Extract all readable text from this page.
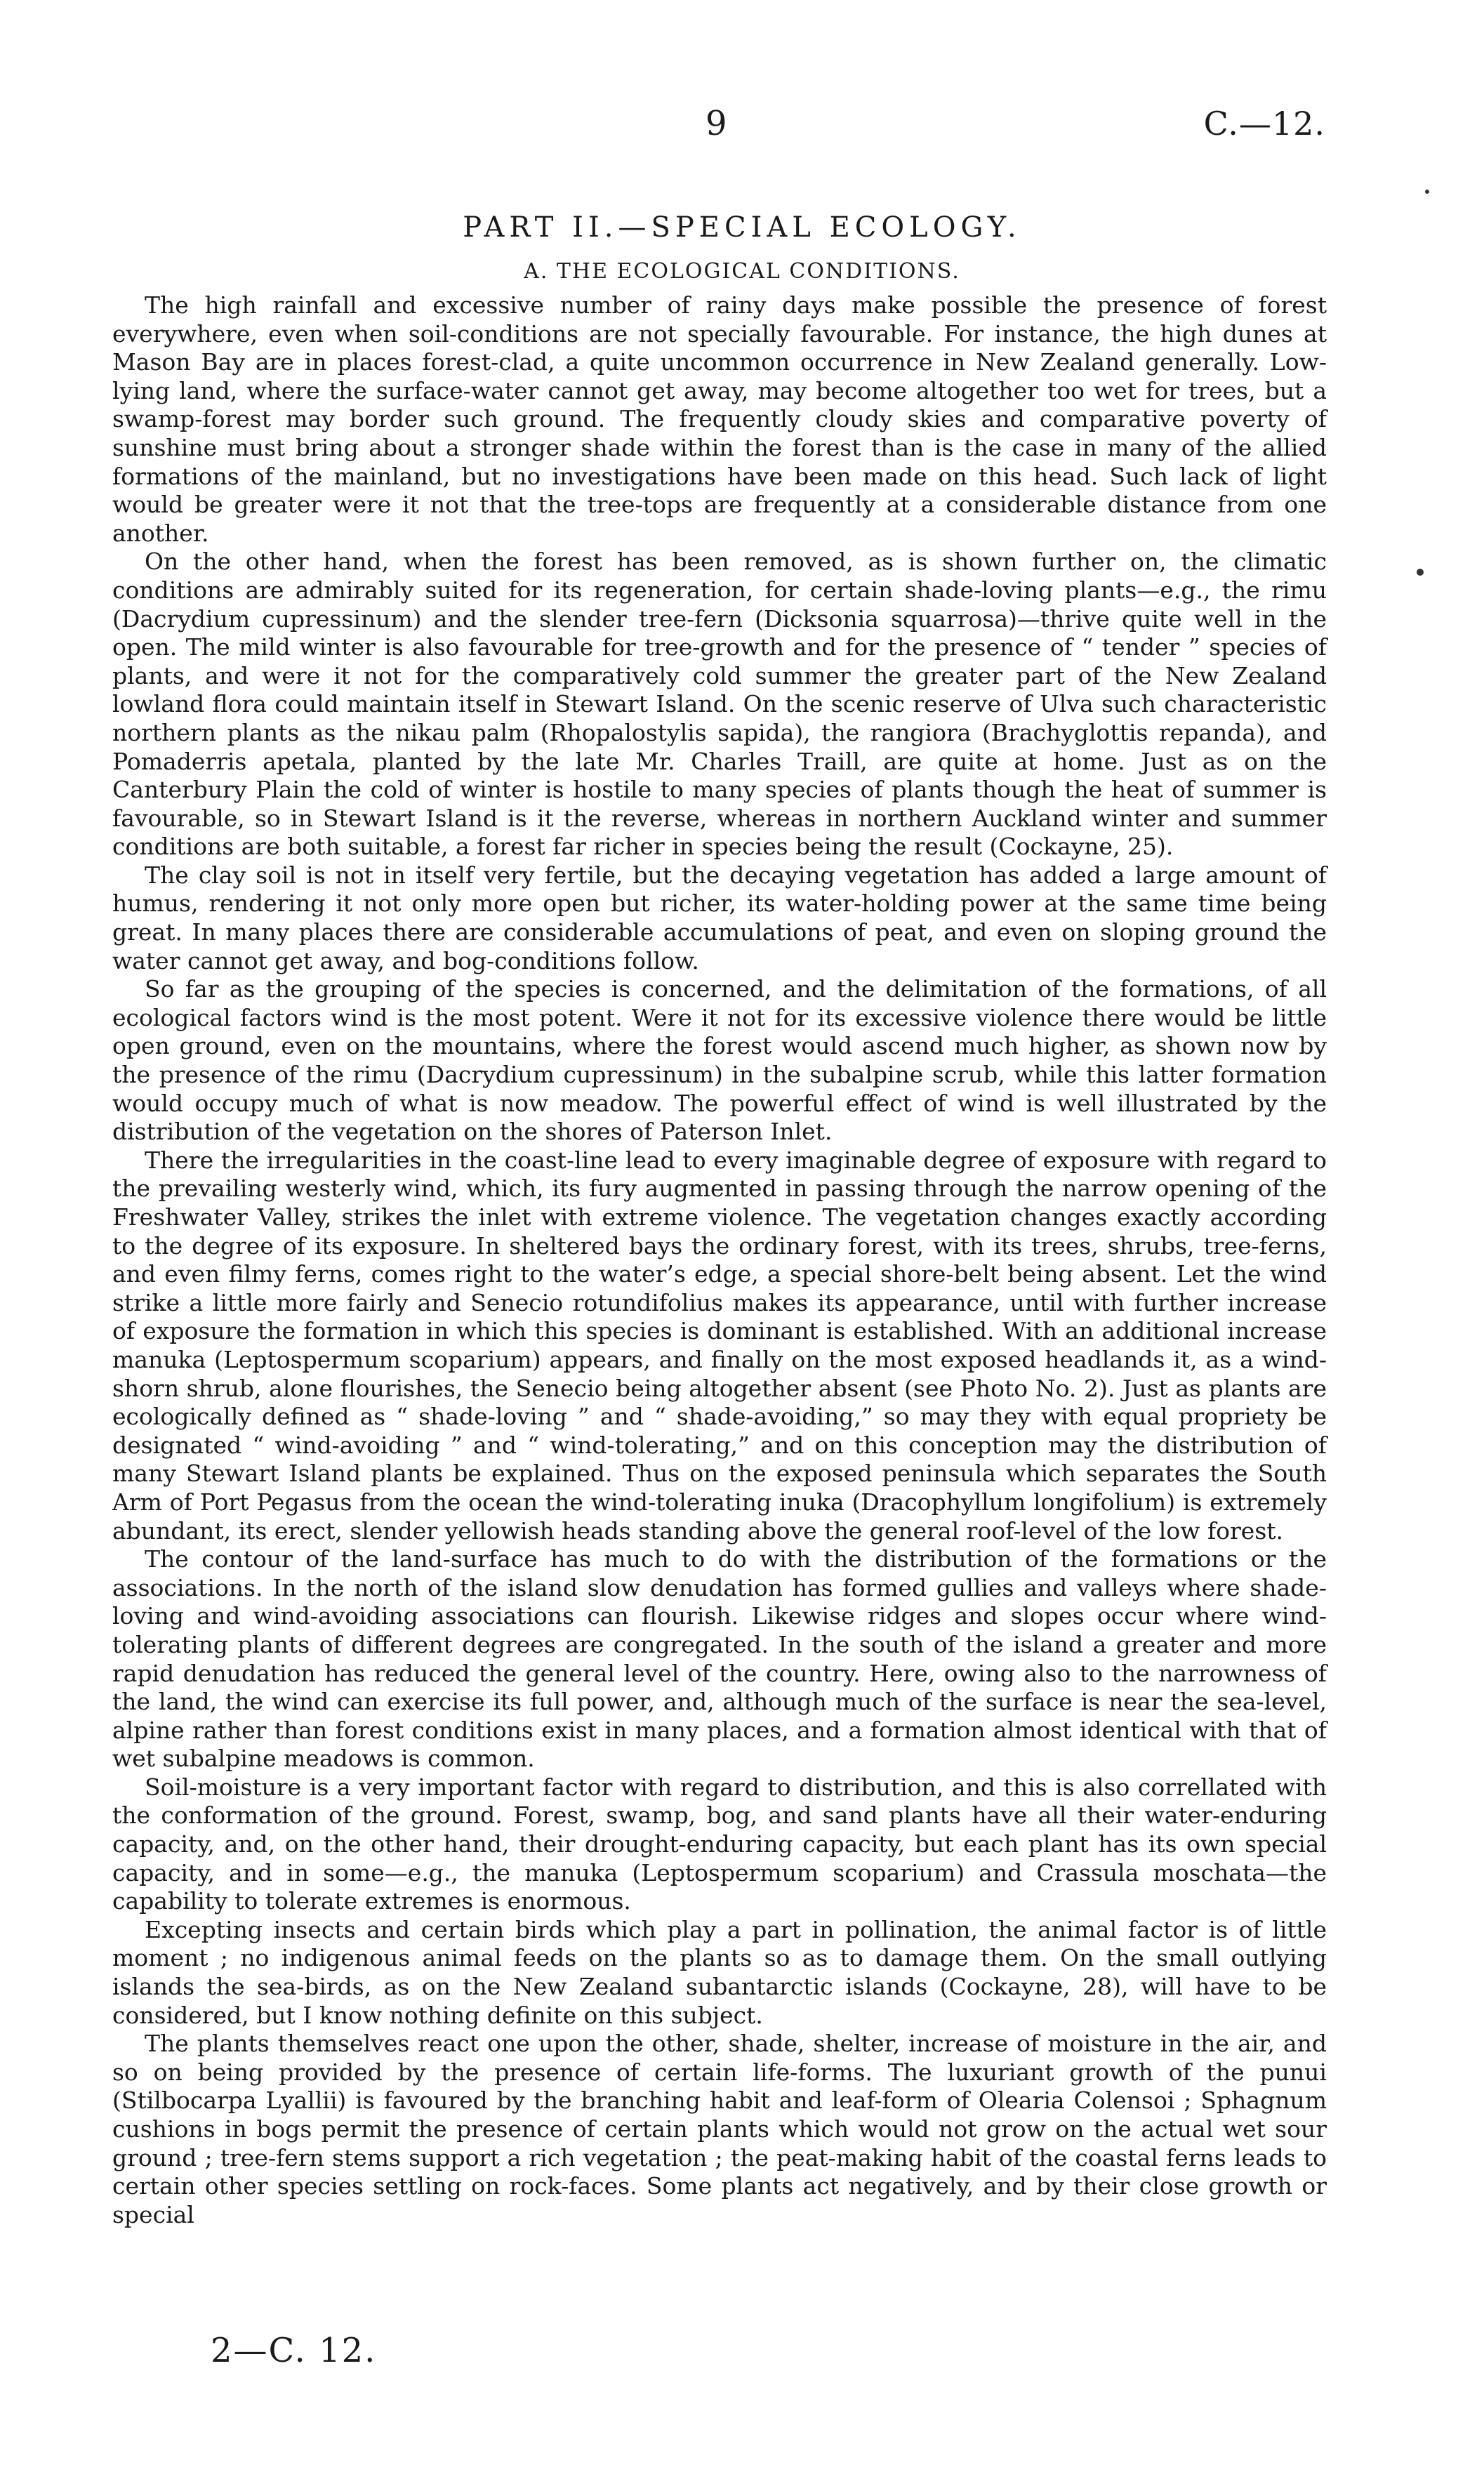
9	C.—12.
PART II.—SPECIAL ECOLOGY.
A. THE ECOLOGICAL CONDITIONS.

The high rainfall and excessive number of rainy days make possible the presence of forest everywhere, even when soil-conditions are not specially favourable. For instance, the high dunes at Mason Bay are in places forest-clad, a quite uncommon occurrence in New Zealand generally. Low-lying land, where the surface-water cannot get away, may become altogether too wet for trees, but a swamp-forest may border such ground. The frequently cloudy skies and comparative poverty of sunshine must bring about a stronger shade within the forest than is the case in many of the allied formations of the mainland, but no investigations have been made on this head. Such lack of light would be greater were it not that the tree-tops are frequently at a considerable distance from one another.

On the other hand, when the forest has been removed, as is shown further on, the climatic conditions are admirably suited for its regeneration, for certain shade-loving plants—e.g., the rimu (Dacrydium cupressinum) and the slender tree-fern (Dicksonia squarrosa)—thrive quite well in the open. The mild winter is also favourable for tree-growth and for the presence of “ tender ” species of plants, and were it not for the comparatively cold summer the greater part of the New Zealand lowland flora could maintain itself in Stewart Island. On the scenic reserve of Ulva such characteristic northern plants as the nikau palm (Rhopalostylis sapida), the rangiora (Brachyglottis repanda), and Pomaderris apetala, planted by the late Mr. Charles Traill, are quite at home. Just as on the Canterbury Plain the cold of winter is hostile to many species of plants though the heat of summer is favourable, so in Stewart Island is it the reverse, whereas in northern Auckland winter and summer conditions are both suitable, a forest far richer in species being the result (Cockayne, 25).

The clay soil is not in itself very fertile, but the decaying vegetation has added a large amount of humus, rendering it not only more open but richer, its water-holding power at the same time being great. In many places there are considerable accumulations of peat, and even on sloping ground the water cannot get away, and bog-conditions follow.

So far as the grouping of the species is concerned, and the delimitation of the formations, of all ecological factors wind is the most potent. Were it not for its excessive violence there would be little open ground, even on the mountains, where the forest would ascend much higher, as shown now by the presence of the rimu (Dacrydium cupressinum) in the subalpine scrub, while this latter formation would occupy much of what is now meadow. The powerful effect of wind is well illustrated by the distribution of the vegetation on the shores of Paterson Inlet.

There the irregularities in the coast-line lead to every imaginable degree of exposure with regard to the prevailing westerly wind, which, its fury augmented in passing through the narrow opening of the Freshwater Valley, strikes the inlet with extreme violence. The vegetation changes exactly according to the degree of its exposure. In sheltered bays the ordinary forest, with its trees, shrubs, tree-ferns, and even filmy ferns, comes right to the water’s edge, a special shore-belt being absent. Let the wind strike a little more fairly and Senecio rotundifolius makes its appearance, until with further increase of exposure the formation in which this species is dominant is established. With an additional increase manuka (Leptospermum scoparium) appears, and finally on the most exposed headlands it, as a wind-shorn shrub, alone flourishes, the Senecio being altogether absent (see Photo No. 2). Just as plants are ecologically defined as “ shade-loving ” and “ shade-avoiding,” so may they with equal propriety be designated “ wind-avoiding ” and “ wind-tolerating,” and on this conception may the distribution of many Stewart Island plants be explained. Thus on the exposed peninsula which separates the South Arm of Port Pegasus from the ocean the wind-tolerating inuka (Dracophyllum longifolium) is extremely abundant, its erect, slender yellowish heads standing above the general roof-level of the low forest.

The contour of the land-surface has much to do with the distribution of the formations or the associations. In the north of the island slow denudation has formed gullies and valleys where shade-loving and wind-avoiding associations can flourish. Likewise ridges and slopes occur where wind-tolerating plants of different degrees are congregated. In the south of the island a greater and more rapid denudation has reduced the general level of the country. Here, owing also to the narrowness of the land, the wind can exercise its full power, and, although much of the surface is near the sea-level, alpine rather than forest conditions exist in many places, and a formation almost identical with that of wet subalpine meadows is common.

Soil-moisture is a very important factor with regard to distribution, and this is also correllated with the conformation of the ground. Forest, swamp, bog, and sand plants have all their water-enduring capacity, and, on the other hand, their drought-enduring capacity, but each plant has its own special capacity, and in some—e.g., the manuka (Leptospermum scoparium) and Crassula moschata—the capability to tolerate extremes is enormous.

Excepting insects and certain birds which play a part in pollination, the animal factor is of little moment ; no indigenous animal feeds on the plants so as to damage them. On the small outlying islands the sea-birds, as on the New Zealand subantarctic islands (Cockayne, 28), will have to be considered, but I know nothing definite on this subject.

The plants themselves react one upon the other, shade, shelter, increase of moisture in the air, and so on being provided by the presence of certain life-forms. The luxuriant growth of the punui (Stilbocarpa Lyallii) is favoured by the branching habit and leaf-form of Olearia Colensoi ; Sphagnum cushions in bogs permit the presence of certain plants which would not grow on the actual wet sour ground ; tree-fern stems support a rich vegetation ; the peat-making habit of the coastal ferns leads to certain other species settling on rock-faces. Some plants act negatively, and by their close growth or special

2—C. 12.
